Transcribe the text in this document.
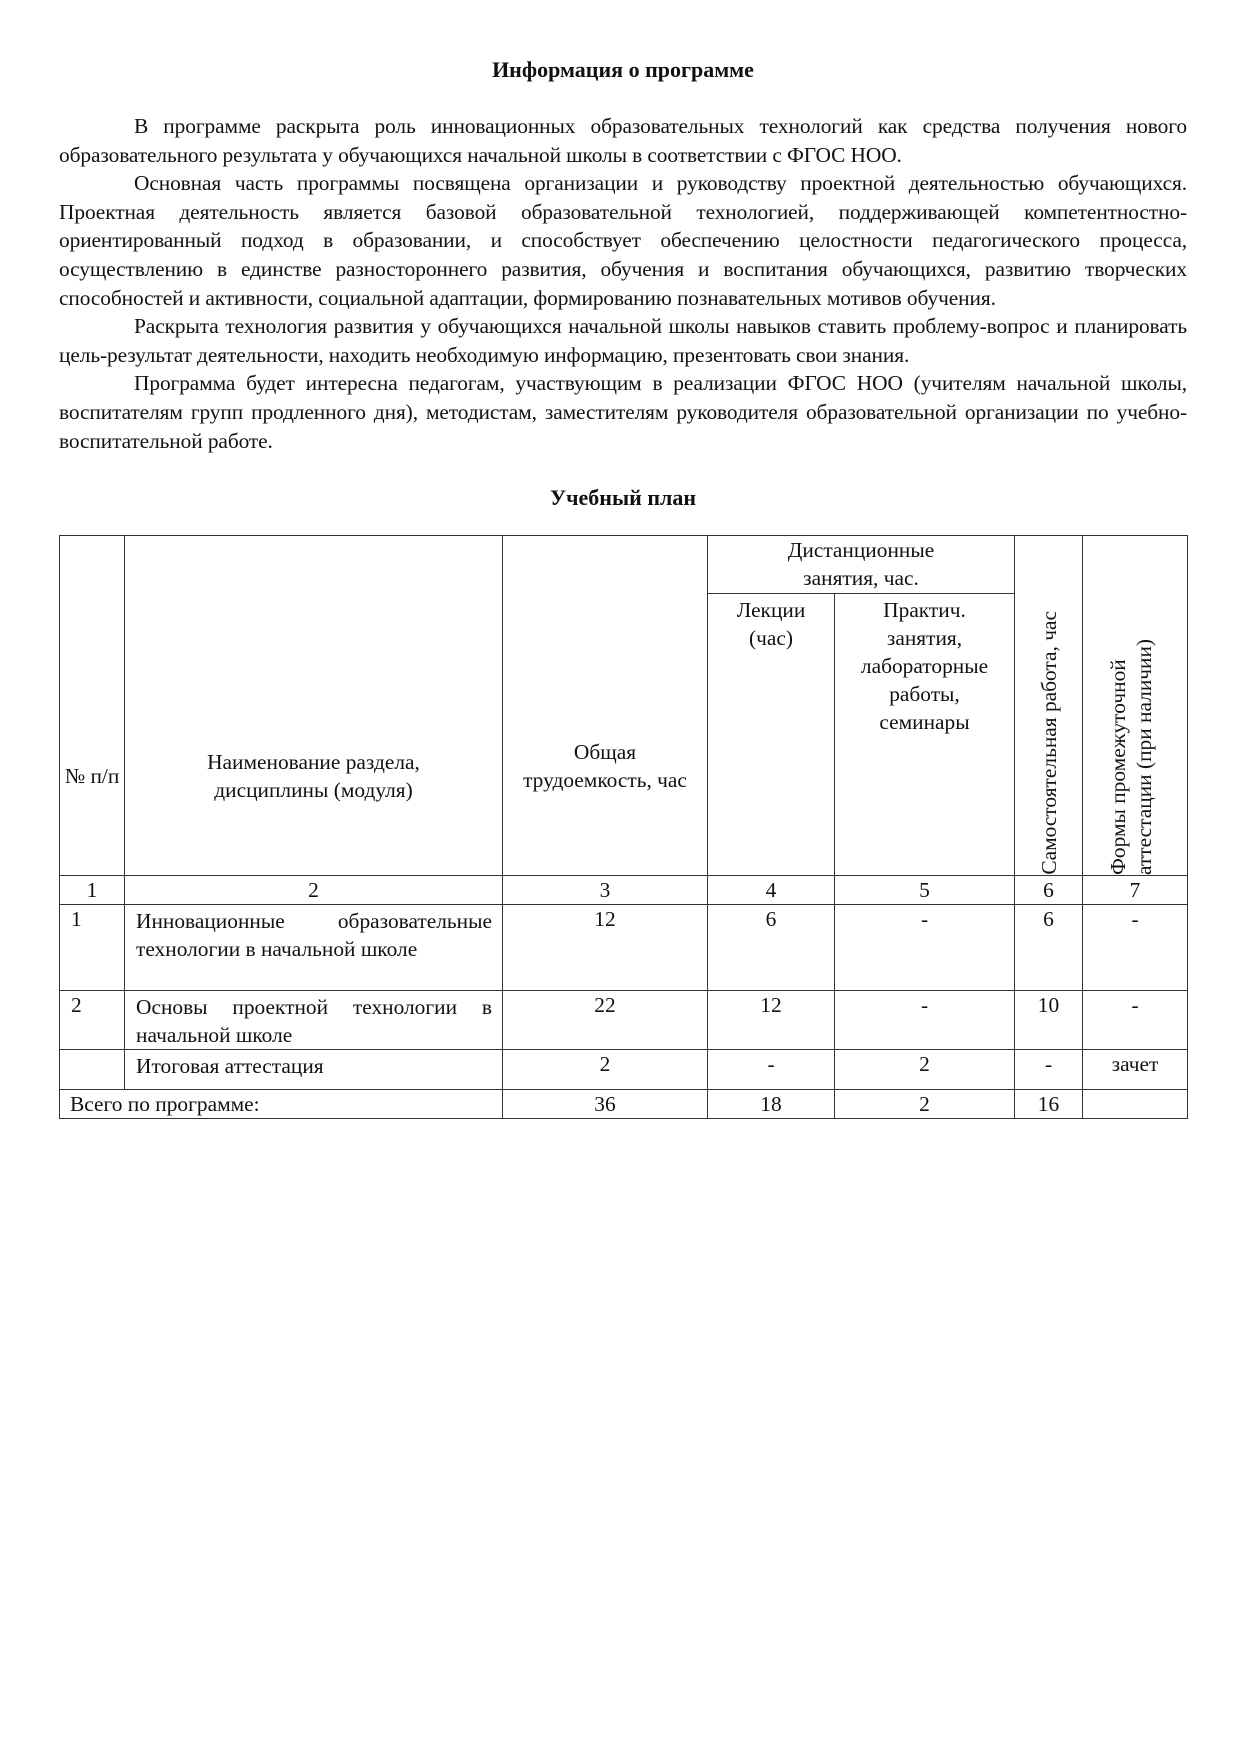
Информация о программе

В программе раскрыта роль инновационных образовательных технологий как средства получения нового образовательного результата у обучающихся начальной школы в соответствии с ФГОС НОО.

Основная часть программы посвящена организации и руководству проектной деятельностью обучающихся. Проектная деятельность является базовой образовательной технологией, поддерживающей компетентностно-ориентированный подход в образовании, и способствует обеспечению целостности педагогического процесса, осуществлению в единстве разностороннего развития, обучения и воспитания обучающихся, развитию творческих способностей и активности, социальной адаптации, формированию познавательных мотивов обучения.

Раскрыта технология развития у обучающихся начальной школы навыков ставить проблему-вопрос и планировать цель-результат деятельности, находить необходимую информацию, презентовать свои знания.

Программа будет интересна педагогам, участвующим в реализации ФГОС НОО (учителям начальной школы, воспитателям групп продленного дня), методистам, заместителям руководителя образовательной организации по учебно-воспитательной работе.

Учебный план

№ п/п	Наименование раздела, дисциплины (модуля)	Общая трудоемкость, час	Дистанционные занятия, час.		Самостоятельная работа, час	Формы промежуточной аттестации (при наличии)

			Лекции (час)	Практич. занятия, лабораторные работы, семинары		

1	2	3	4	5	6	7
1	Инновационные образовательные технологии в начальной школе	12	6	-	6	-
2	Основы проектной технологии в начальной школе	22	12	-	10	-
	Итоговая аттестация	2	-	2	-	зачет
Всего по программе:		36	18	2	16	
